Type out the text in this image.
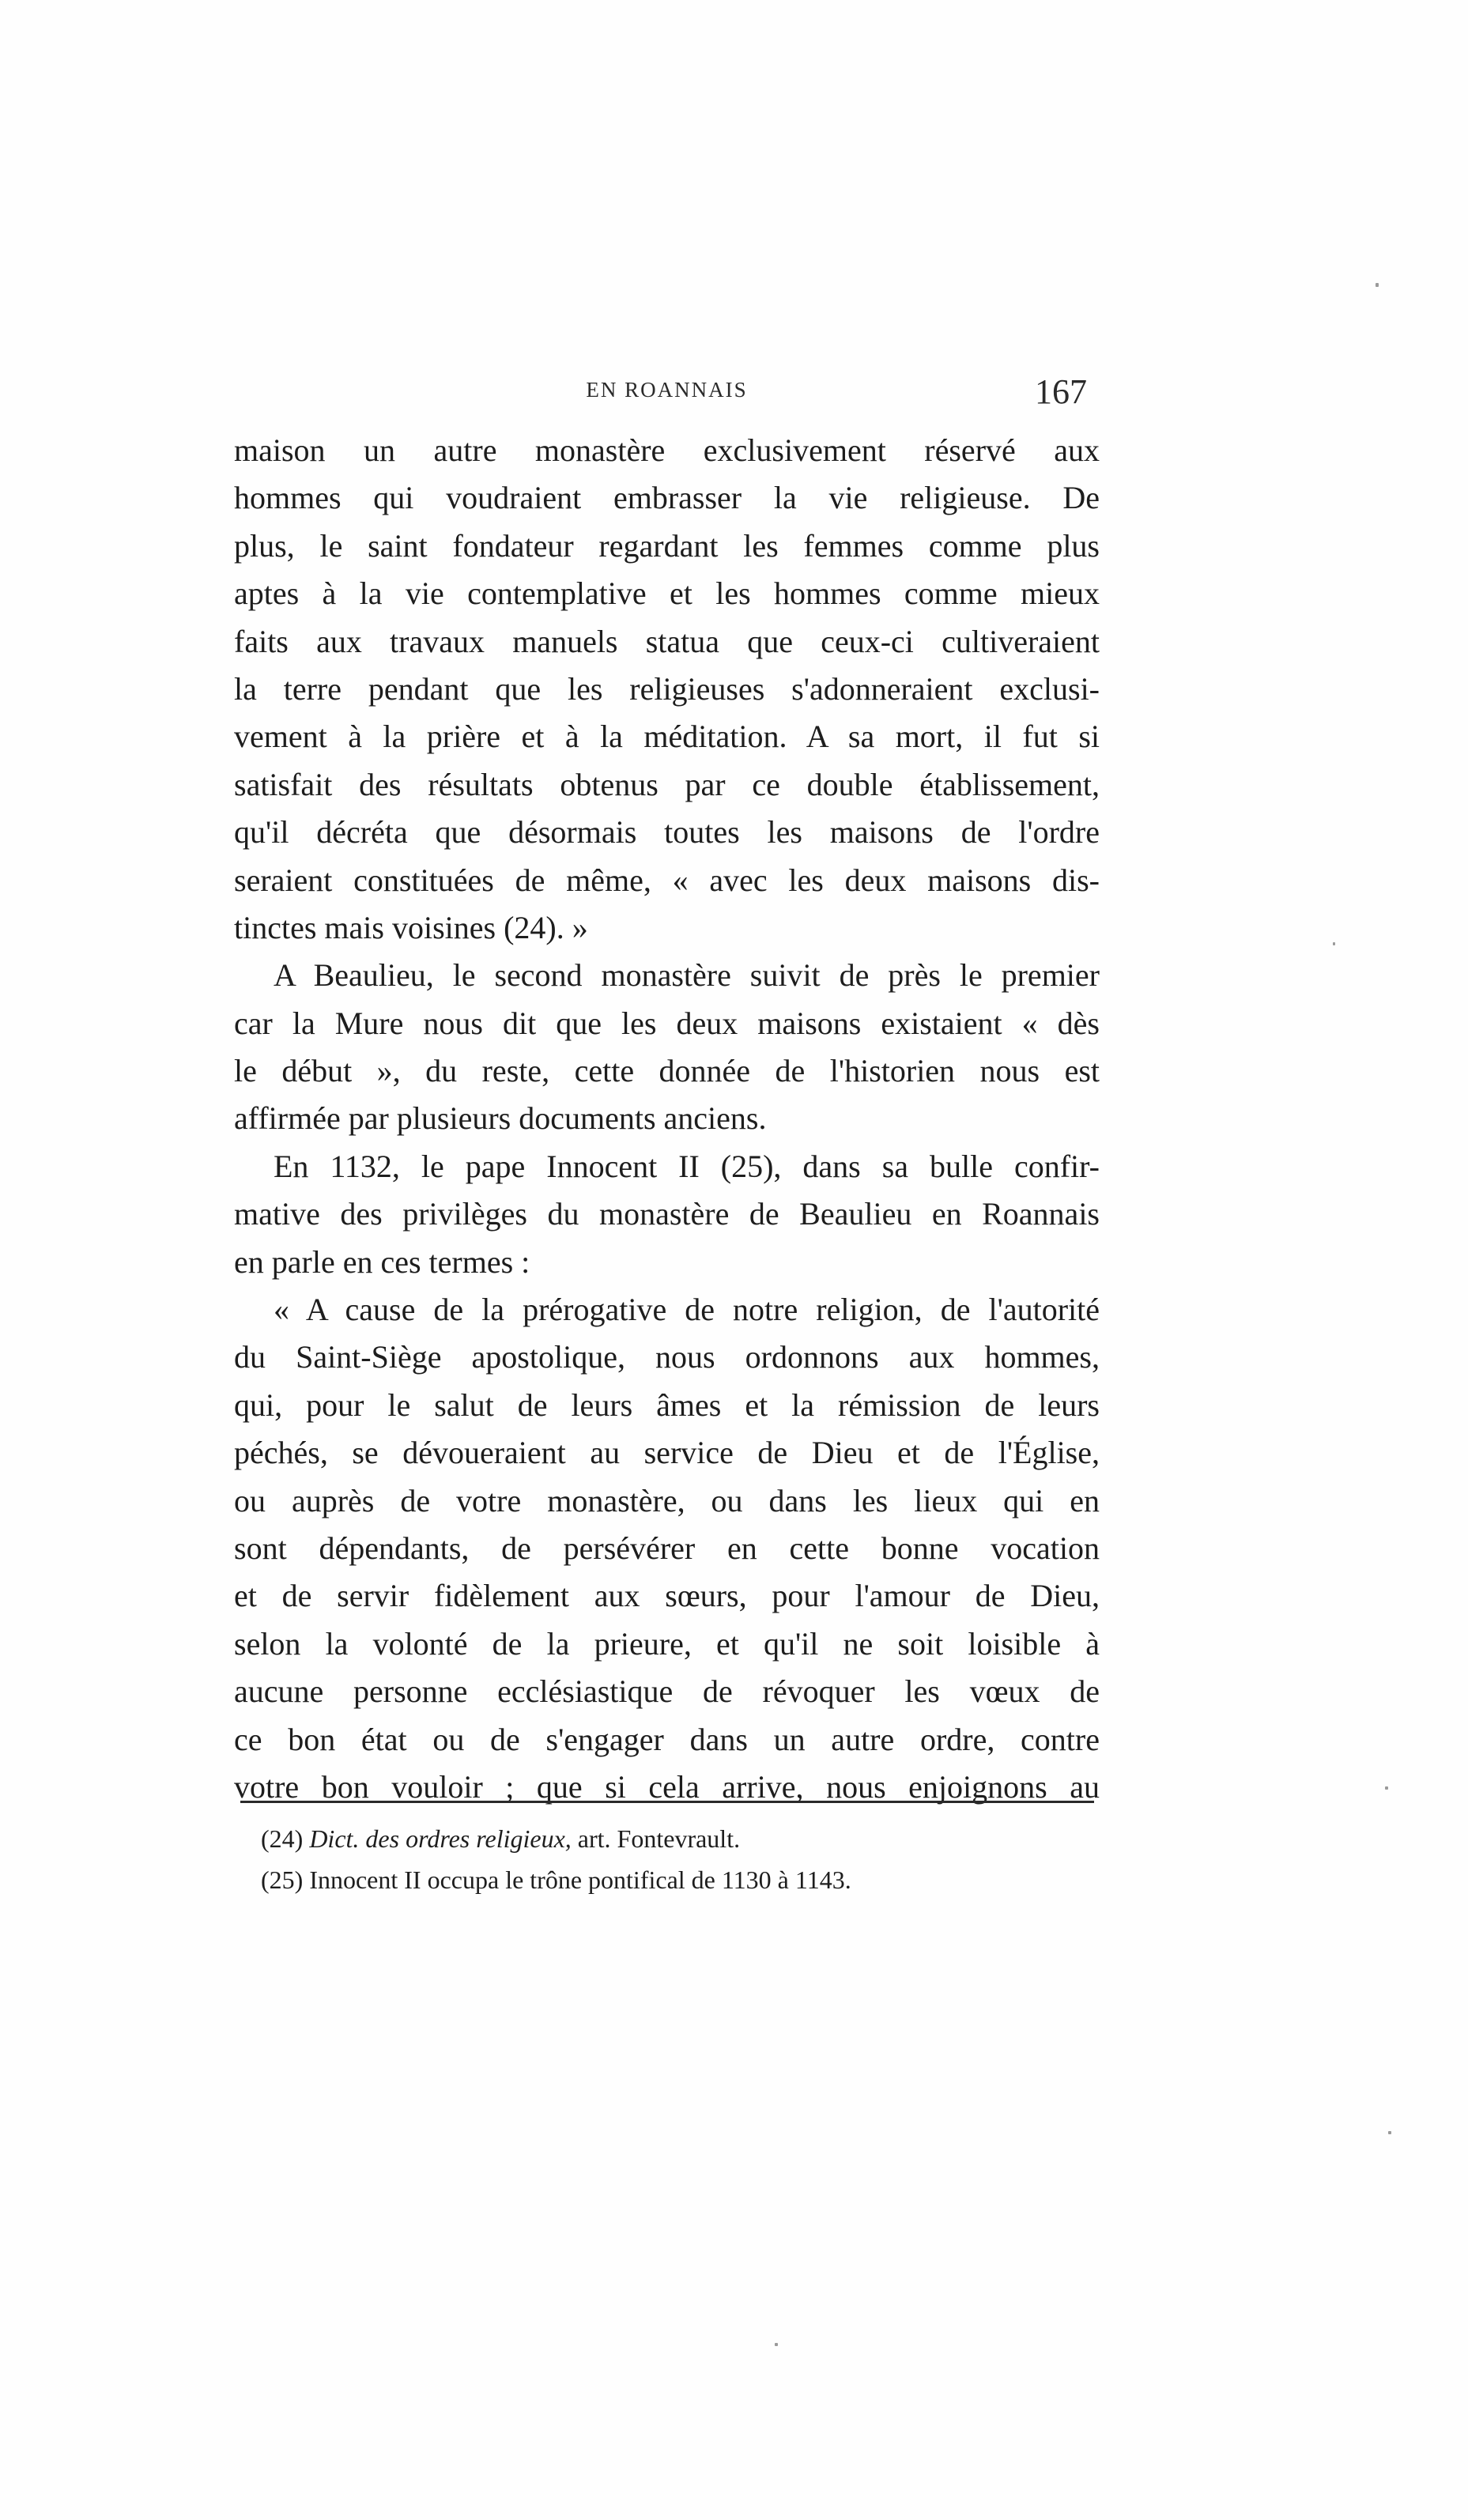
EN ROANNAIS	167
maison un autre monastère exclusivement réservé aux
hommes qui voudraient embrasser la vie religieuse. De
plus, le saint fondateur regardant les femmes comme plus
aptes à la vie contemplative et les hommes comme mieux
faits aux travaux manuels statua que ceux-ci cultiveraient
la terre pendant que les religieuses s'adonneraient exclusi-
vement à la prière et à la méditation. A sa mort, il fut si
satisfait des résultats obtenus par ce double établissement,
qu'il décréta que désormais toutes les maisons de l'ordre
seraient constituées de même, « avec les deux maisons dis-
tinctes mais voisines (24). »
A Beaulieu, le second monastère suivit de près le premier
car la Mure nous dit que les deux maisons existaient « dès
le début », du reste, cette donnée de l'historien nous est
affirmée par plusieurs documents anciens.
En 1132, le pape Innocent II (25), dans sa bulle confir-
mative des privilèges du monastère de Beaulieu en Roannais
en parle en ces termes :
« A cause de la prérogative de notre religion, de l'autorité
du Saint-Siège apostolique, nous ordonnons aux hommes,
qui, pour le salut de leurs âmes et la rémission de leurs
péchés, se dévoueraient au service de Dieu et de l'Église,
ou auprès de votre monastère, ou dans les lieux qui en
sont dépendants, de persévérer en cette bonne vocation
et de servir fidèlement aux sœurs, pour l'amour de Dieu,
selon la volonté de la prieure, et qu'il ne soit loisible à
aucune personne ecclésiastique de révoquer les vœux de
ce bon état ou de s'engager dans un autre ordre, contre
votre bon vouloir ; que si cela arrive, nous enjoignons au
(24) Dict. des ordres religieux, art. Fontevrault.
(25) Innocent II occupa le trône pontifical de 1130 à 1143.
